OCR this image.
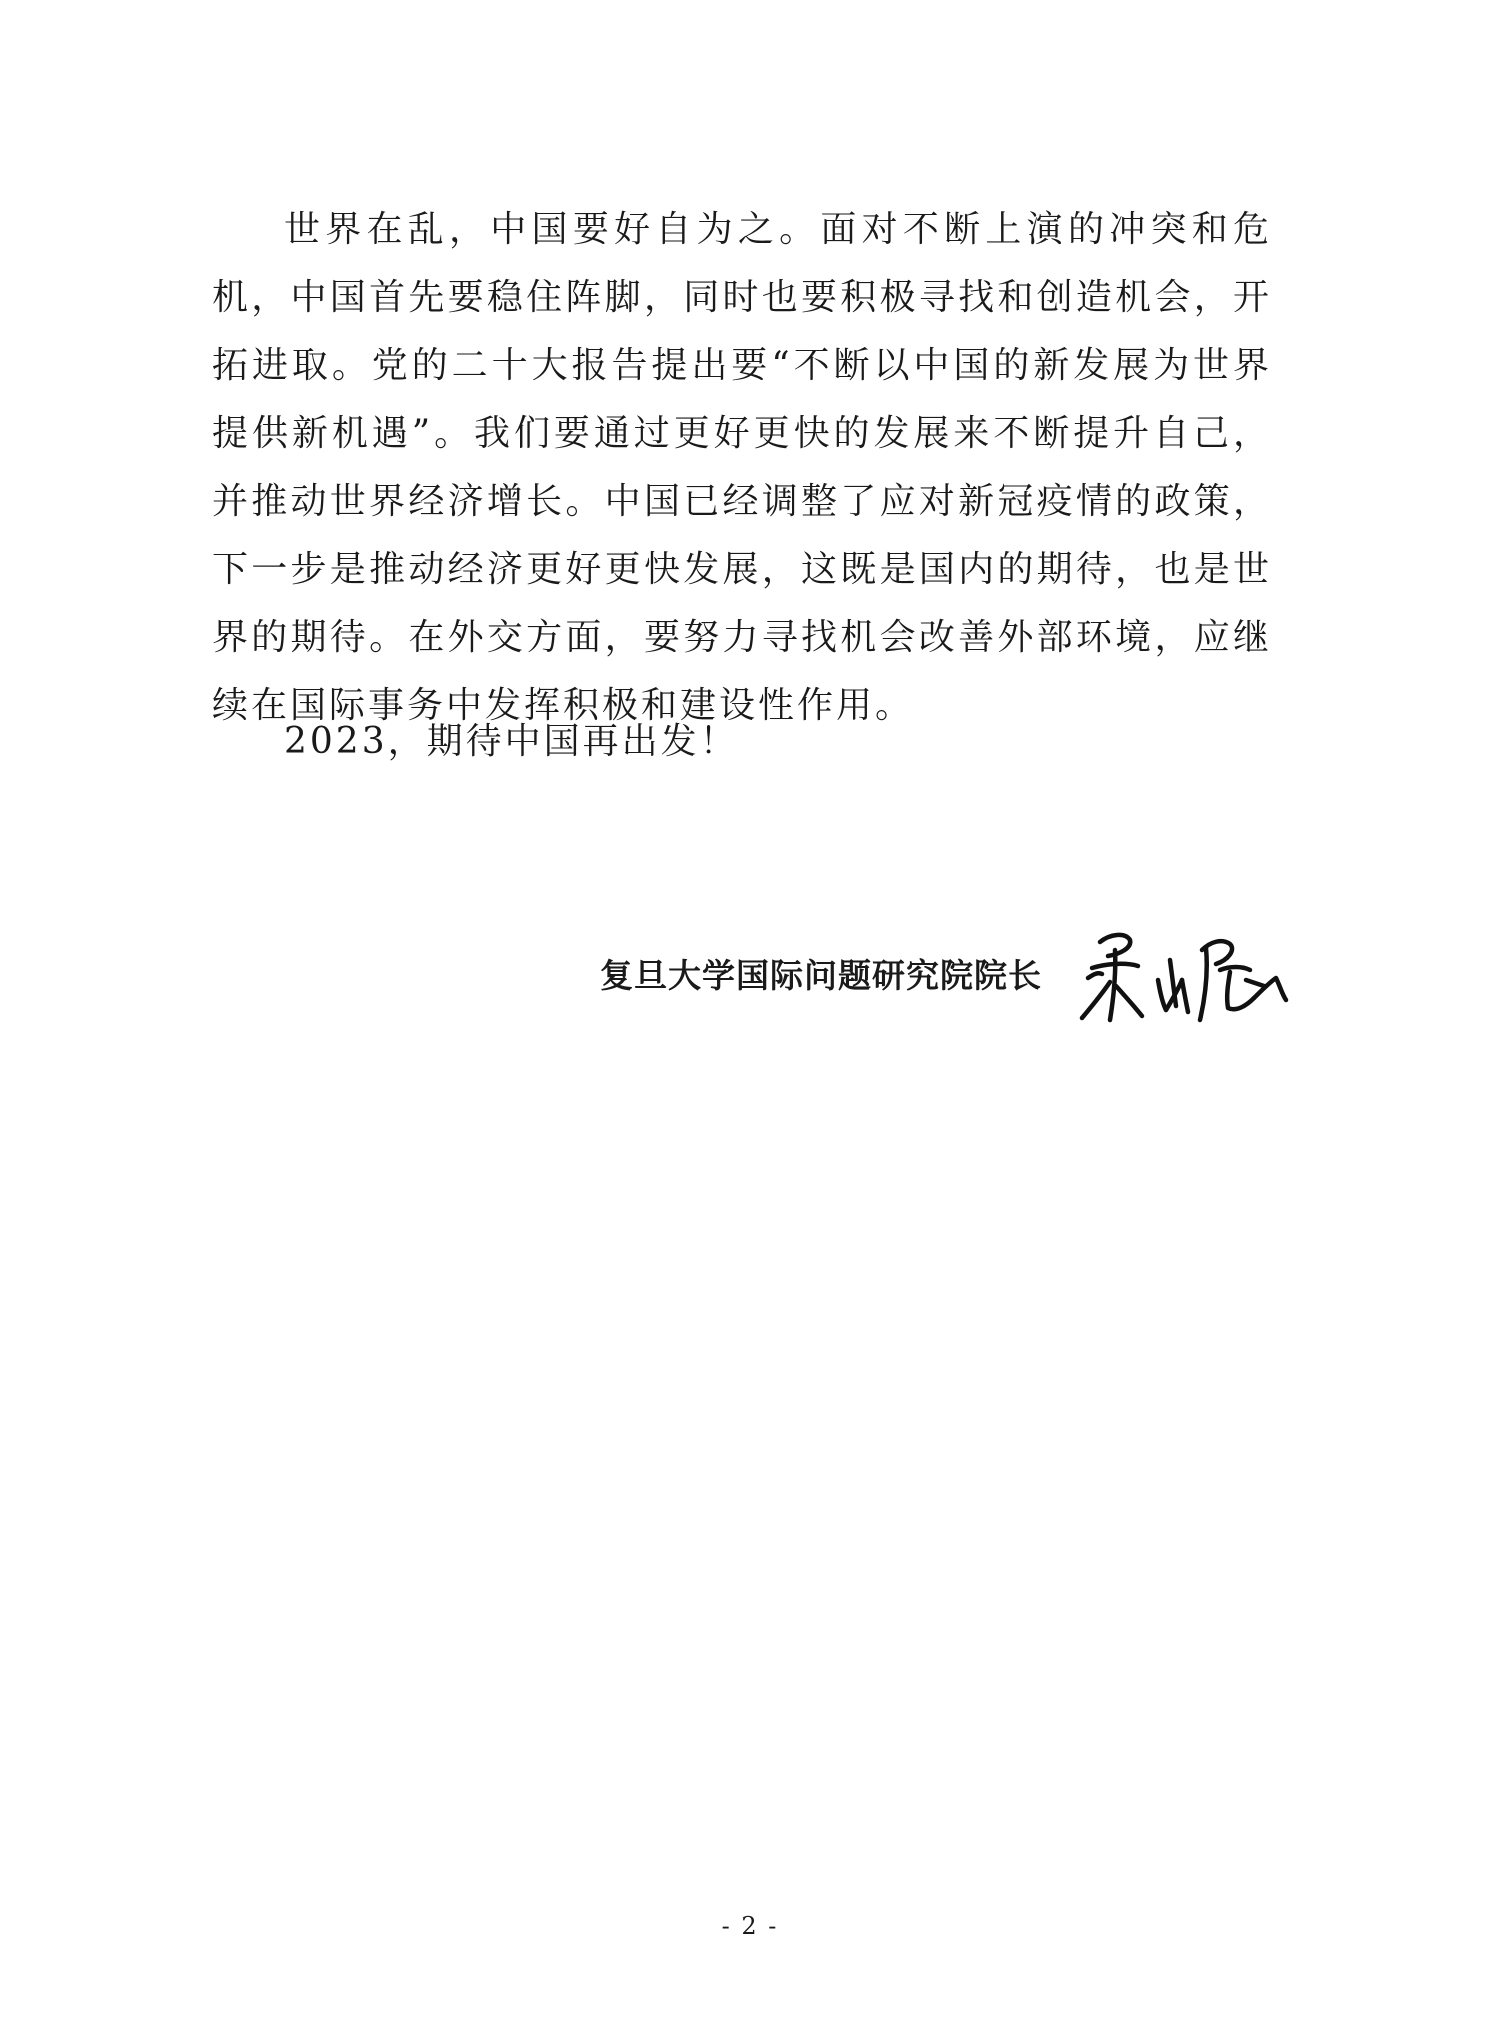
世界在乱，中国要好自为之。面对不断上演的冲突和危机，中国首先要稳住阵脚，同时也要积极寻找和创造机会，开拓进取。党的二十大报告提出要“不断以中国的新发展为世界提供新机遇”。我们要通过更好更快的发展来不断提升自己，并推动世界经济增长。中国已经调整了应对新冠疫情的政策，下一步是推动经济更好更快发展，这既是国内的期待，也是世界的期待。在外交方面，要努力寻找机会改善外部环境，应继续在国际事务中发挥积极和建设性作用。

2023，期待中国再出发！

复旦大学国际问题研究院院长
- 2 -
